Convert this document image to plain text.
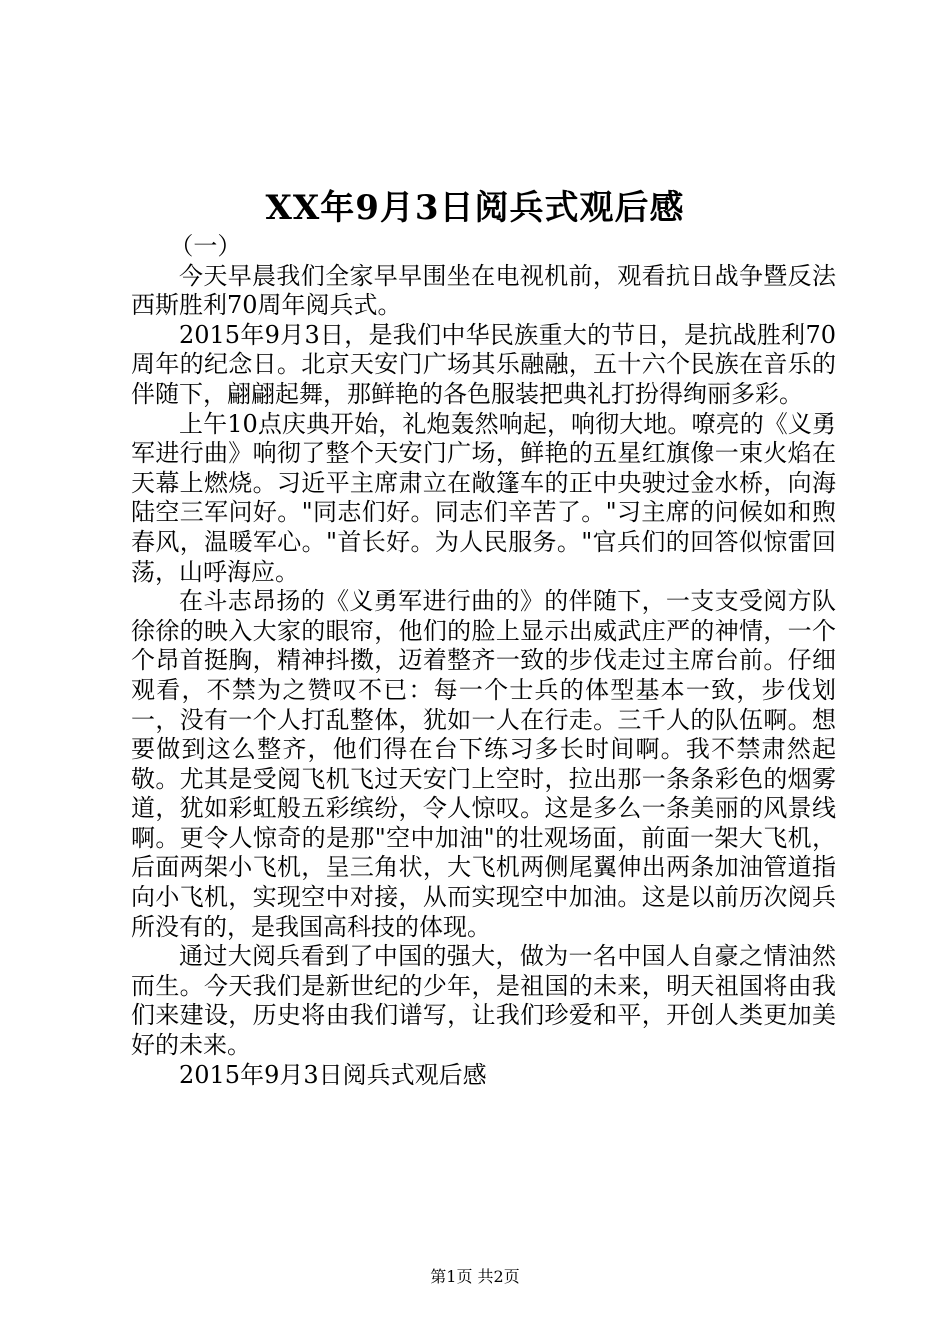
XX年9月3日阅兵式观后感

（一）

今天早晨我们全家早早围坐在电视机前，观看抗日战争暨反法西斯胜利70周年阅兵式。

2015年9月3日，是我们中华民族重大的节日，是抗战胜利70周年的纪念日。北京天安门广场其乐融融，五十六个民族在音乐的伴随下，翩翩起舞，那鲜艳的各色服装把典礼打扮得绚丽多彩。

上午10点庆典开始，礼炮轰然响起，响彻大地。嘹亮的《义勇军进行曲》响彻了整个天安门广场，鲜艳的五星红旗像一束火焰在天幕上燃烧。习近平主席肃立在敞篷车的正中央驶过金水桥，向海陆空三军问好。"同志们好。同志们辛苦了。"习主席的问候如和煦春风，温暖军心。"首长好。为人民服务。"官兵们的回答似惊雷回荡，山呼海应。

在斗志昂扬的《义勇军进行曲的》的伴随下，一支支受阅方队徐徐的映入大家的眼帘，他们的脸上显示出威武庄严的神情，一个个昂首挺胸，精神抖擞，迈着整齐一致的步伐走过主席台前。仔细观看，不禁为之赞叹不已：每一个士兵的体型基本一致，步伐划一，没有一个人打乱整体，犹如一人在行走。三千人的队伍啊。想要做到这么整齐，他们得在台下练习多长时间啊。我不禁肃然起敬。尤其是受阅飞机飞过天安门上空时，拉出那一条条彩色的烟雾道，犹如彩虹般五彩缤纷，令人惊叹。这是多么一条美丽的风景线啊。更令人惊奇的是那"空中加油"的壮观场面，前面一架大飞机，后面两架小飞机，呈三角状，大飞机两侧尾翼伸出两条加油管道指向小飞机，实现空中对接，从而实现空中加油。这是以前历次阅兵所没有的，是我国高科技的体现。

通过大阅兵看到了中国的强大，做为一名中国人自豪之情油然而生。今天我们是新世纪的少年，是祖国的未来，明天祖国将由我们来建设，历史将由我们谱写，让我们珍爱和平，开创人类更加美好的未来。

2015年9月3日阅兵式观后感

第1页 共2页
